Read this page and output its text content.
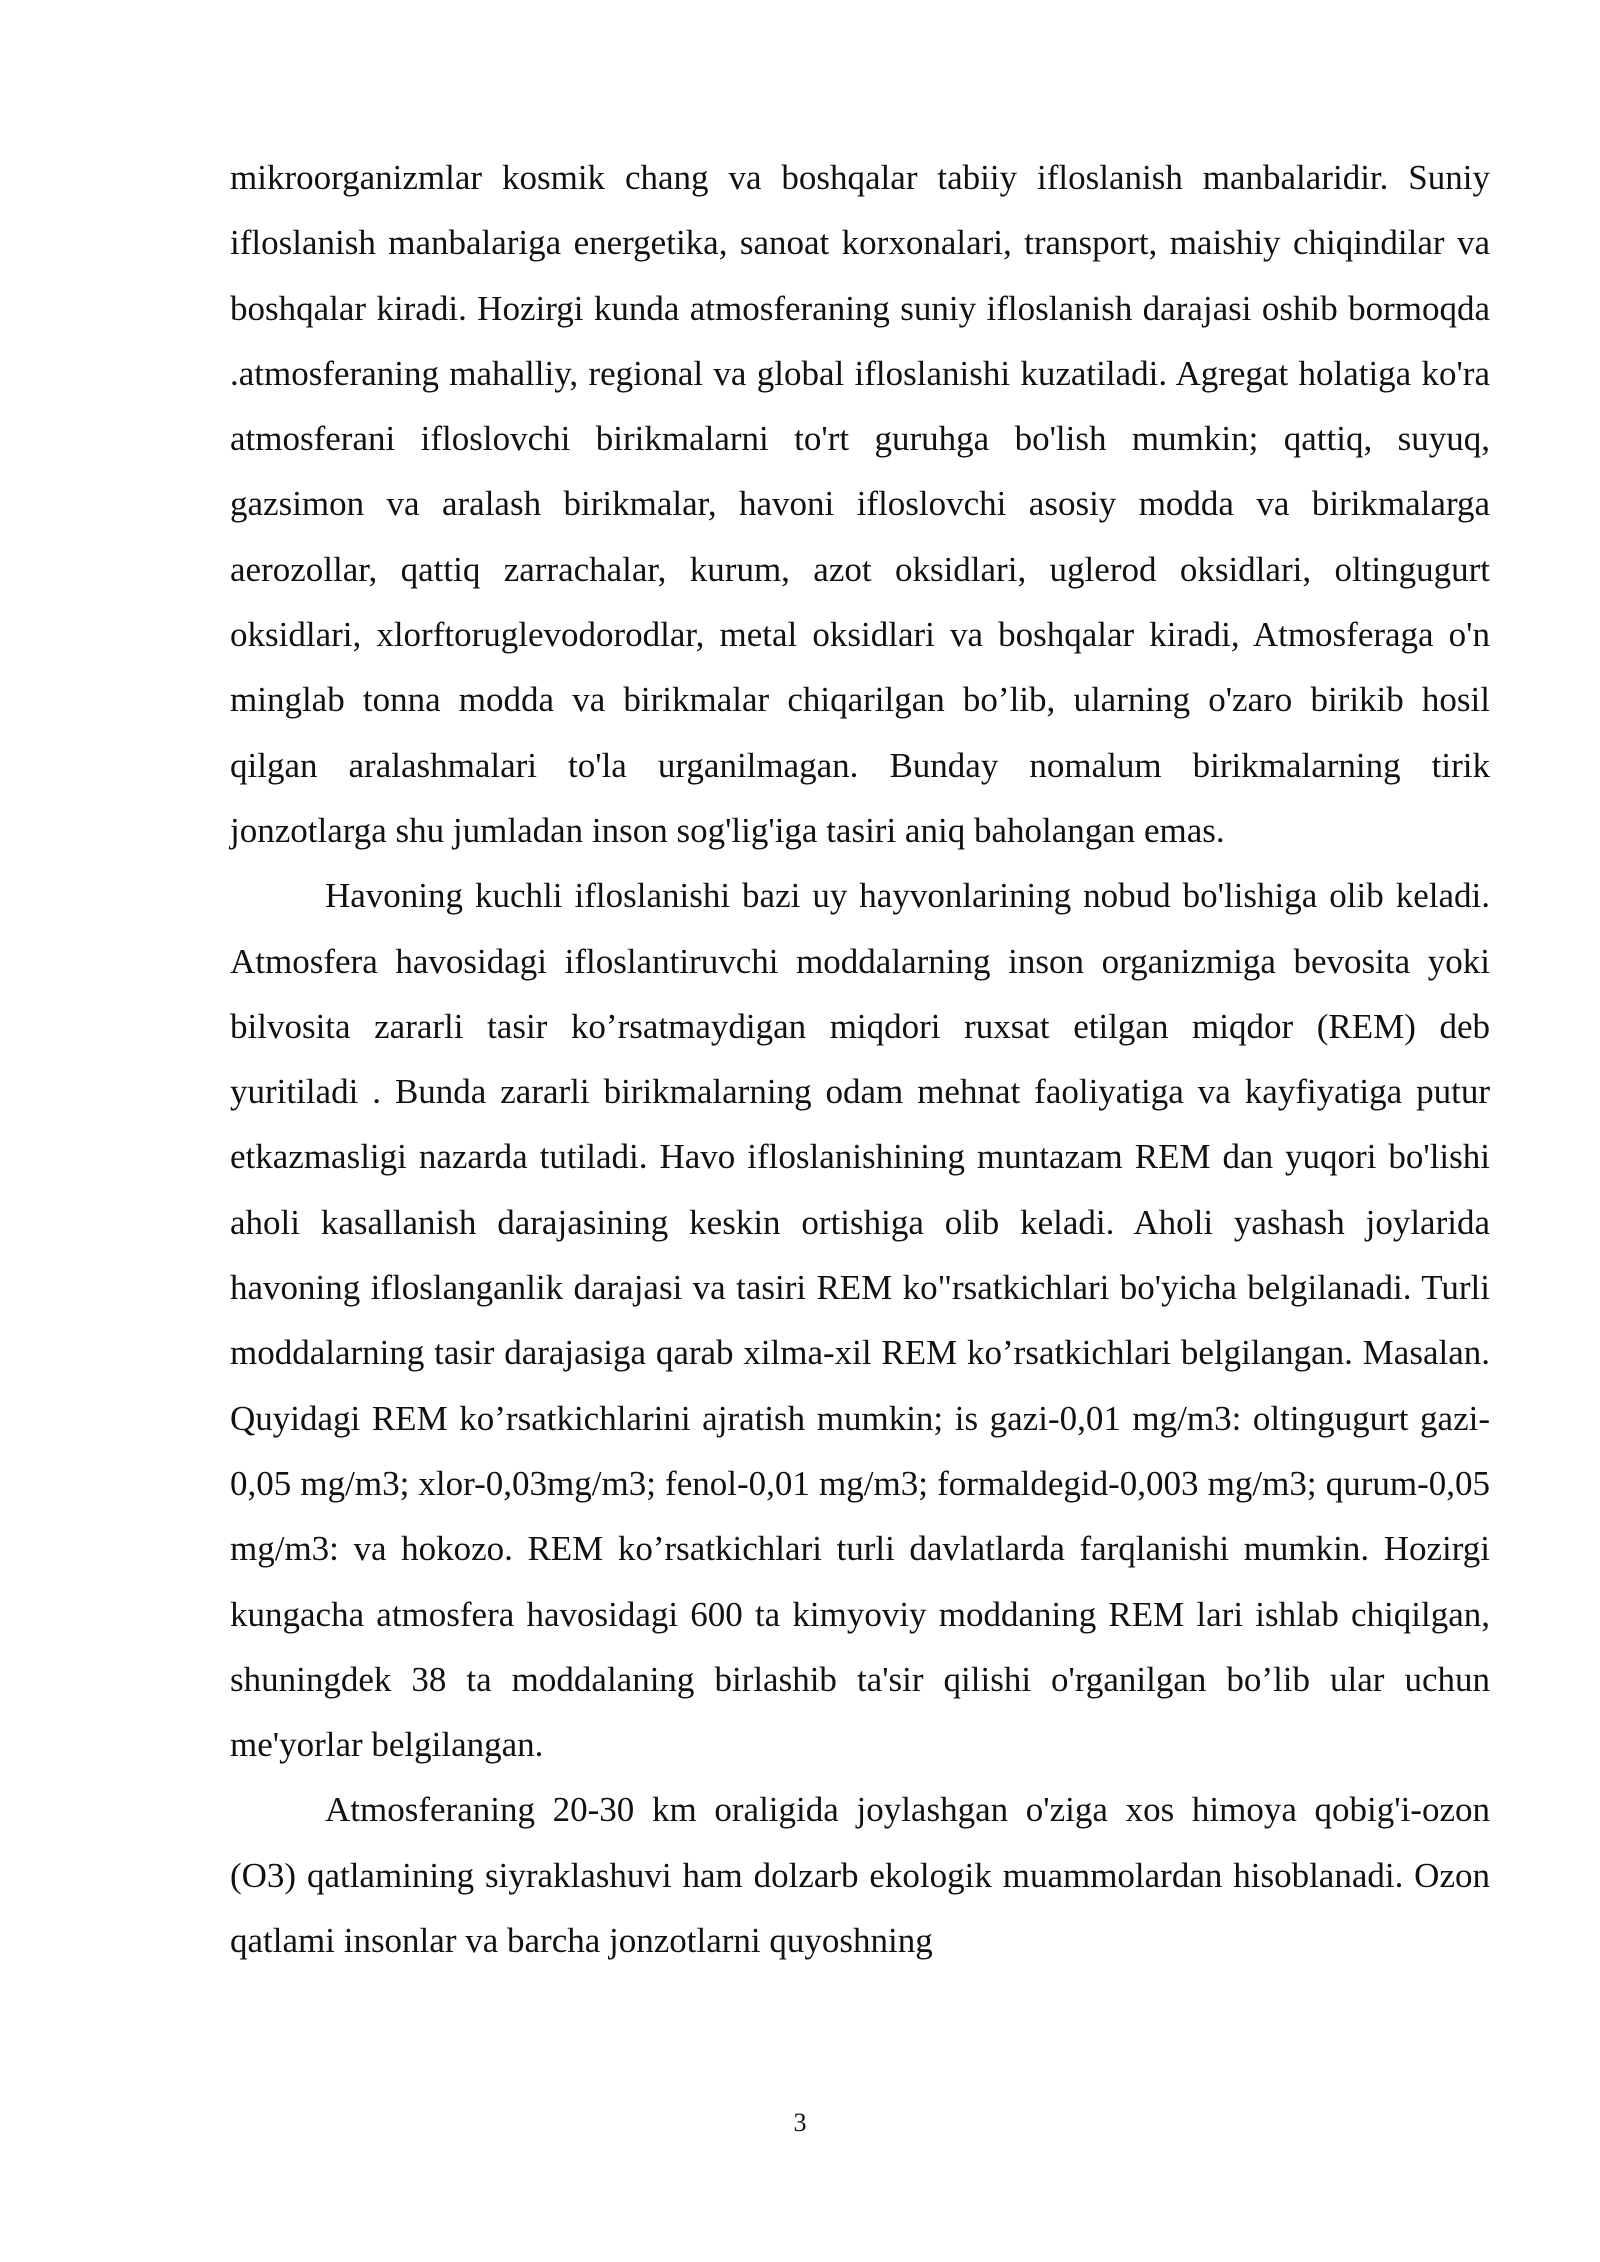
mikroorganizmlar kosmik chang va boshqalar tabiiy ifloslanish manbalaridir. Suniy ifloslanish manbalariga energetika, sanoat korxonalari, transport, maishiy chiqindilar va boshqalar kiradi. Hozirgi kunda atmosferaning suniy ifloslanish darajasi oshib bormoqda .atmosferaning mahalliy, regional va global ifloslanishi kuzatiladi. Agregat holatiga ko'ra atmosferani ifloslovchi birikmalarni to'rt guruhga bo'lish mumkin; qattiq, suyuq, gazsimon va aralash birikmalar, havoni ifloslovchi asosiy modda va birikmalarga aerozollar, qattiq zarrachalar, kurum, azot oksidlari, uglerod oksidlari, oltingugurt oksidlari, xlorftoruglevodorodlar, metal oksidlari va boshqalar kiradi, Atmosferaga o'n minglab tonna modda va birikmalar chiqarilgan bo’lib, ularning o'zaro birikib hosil qilgan aralashmalari to'la urganilmagan. Bunday nomalum birikmalarning tirik jonzotlarga shu jumladan inson sog'lig'iga tasiri aniq baholangan emas.

Havoning kuchli ifloslanishi bazi uy hayvonlarining nobud bo'lishiga olib keladi. Atmosfera havosidagi ifloslantiruvchi moddalarning inson organizmiga bevosita yoki bilvosita zararli tasir ko’rsatmaydigan miqdori ruxsat etilgan miqdor (REM) deb yuritiladi . Bunda zararli birikmalarning odam mehnat faoliyatiga va kayfiyatiga putur etkazmasligi nazarda tutiladi. Havo ifloslanishining muntazam REM dan yuqori bo'lishi aholi kasallanish darajasining keskin ortishiga olib keladi. Aholi yashash joylarida havoning ifloslanganlik darajasi va tasiri REM ko"rsatkichlari bo'yicha belgilanadi. Turli moddalarning tasir darajasiga qarab xilma-xil REM ko’rsatkichlari belgilangan. Masalan. Quyidagi REM ko’rsatkichlarini ajratish mumkin; is gazi-0,01 mg/m3: oltingugurt gazi-0,05 mg/m3; xlor-0,03mg/m3; fenol-0,01 mg/m3; formaldegid-0,003 mg/m3; qurum-0,05 mg/m3: va hokozo. REM ko’rsatkichlari turli davlatlarda farqlanishi mumkin. Hozirgi kungacha atmosfera havosidagi 600 ta kimyoviy moddaning REM lari ishlab chiqilgan, shuningdek 38 ta moddalaning birlashib ta'sir qilishi o'rganilgan bo’lib ular uchun me'yorlar belgilangan.

Atmosferaning 20-30 km oraligida joylashgan o'ziga xos himoya qobig'i-ozon (O3) qatlamining siyraklashuvi ham dolzarb ekologik muammolardan hisoblanadi. Ozon qatlami insonlar va barcha jonzotlarni quyoshning

3
